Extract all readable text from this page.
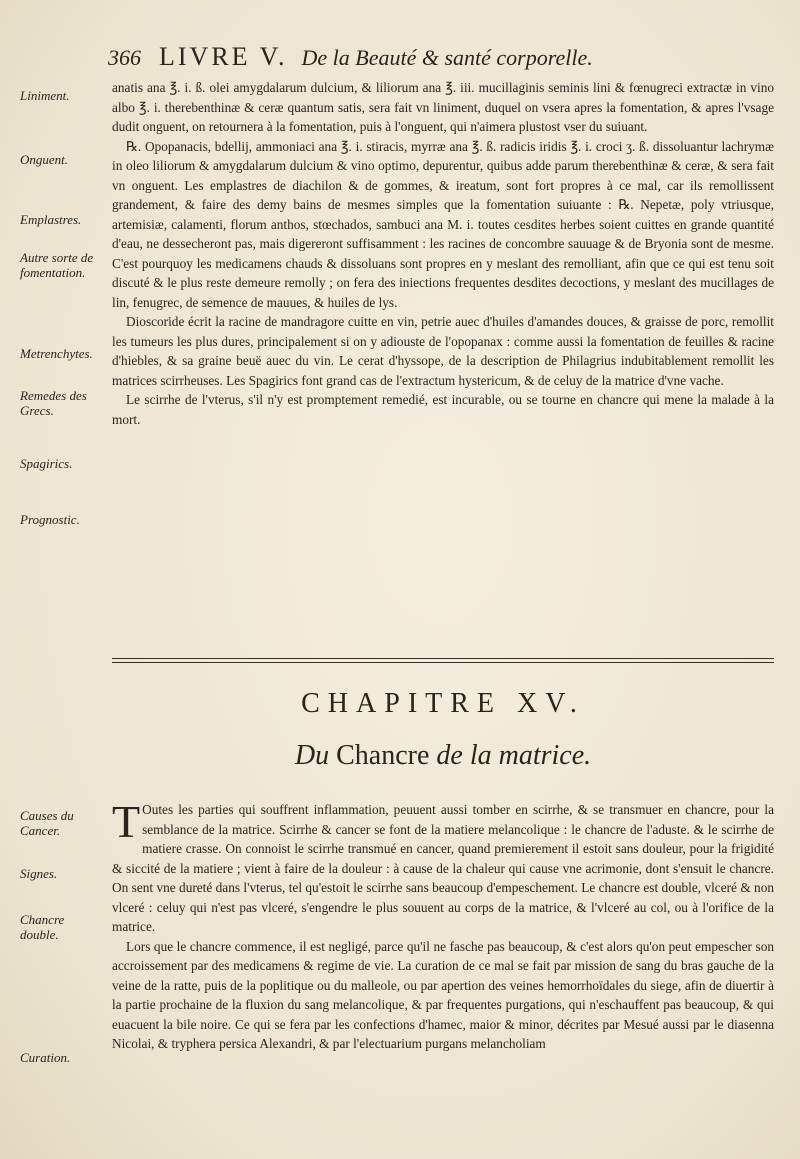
366 LIVRE V. De la Beauté & santé corporelle.
Liniment.
Onguent.
Emplastres.
Autre sorte de fomentation.
Metrenchytes.
Remedes des Grecs.
Spagirics.
Prognostic.
Causes du Cancer.
Signes.
Chancre double.
Curation.

anatis ana ℥. i. ß. olei amygdalarum dulcium, & liliorum ana ℥. iii. mucillaginis seminis lini & fœnugreci extractæ in vino albo ℥. i. therebenthinæ & ceræ quantum satis, sera fait vn liniment, duquel on vsera apres la fomentation, & apres l'vsage dudit onguent, on retournera à la fomentation, puis à l'onguent, qui n'aimera plustost vser du suiuant.

℞. Opopanacis, bdellij, ammoniaci ana ℥. i. stiracis, myrræ ana ℥. ß. radicis iridis ℥. i. croci ʒ. ß. dissoluantur lachrymæ in oleo liliorum & amygdalarum dulcium & vino optimo, depurentur, quibus adde parum therebenthinæ & ceræ, & sera fait vn onguent. Les emplastres de diachilon & de gommes, & ireatum, sont fort propres à ce mal, car ils remollissent grandement, & faire des demy bains de mesmes simples que la fomentation suiuante : ℞. Nepetæ, poly vtriusque, artemisiæ, calamenti, florum anthos, stœchados, sambuci ana M. i. toutes cesdites herbes soient cuittes en grande quantité d'eau, ne dessecheront pas, mais digereront suffisamment : les racines de concombre sauuage & de Bryonia sont de mesme. C'est pourquoy les medicamens chauds & dissoluans sont propres en y meslant des remolliant, afin que ce qui est tenu soit discuté & le plus reste demeure remolly ; on fera des iniections frequentes desdites decoctions, y meslant des mucillages de lin, fenugrec, de semence de mauues, & huiles de lys.

Dioscoride écrit la racine de mandragore cuitte en vin, petrie auec d'huiles d'amandes douces, & graisse de porc, remollit les tumeurs les plus dures, principalement si on y adiouste de l'opopanax : comme aussi la fomentation de feuilles & racine d'hiebles, & sa graine beuë auec du vin. Le cerat d'hyssope, de la description de Philagrius indubitablement remollit les matrices scirrheuses. Les Spagirics font grand cas de l'extractum hystericum, & de celuy de la matrice d'vne vache.

Le scirrhe de l'vterus, s'il n'y est promptement remedié, est incurable, ou se tourne en chancre qui mene la malade à la mort.

CHAPITRE XV.
Du Chancre de la matrice.

T Outes les parties qui souffrent inflammation, peuuent aussi tomber en scirrhe, & se transmuer en chancre, pour la semblance de la matrice. Scirrhe & cancer se font de la matiere melancolique : le chancre de l'aduste. & le scirrhe de matiere crasse. On connoist le scirrhe transmué en cancer, quand premierement il estoit sans douleur, pour la frigidité & siccité de la matiere ; vient à faire de la douleur : à cause de la chaleur qui cause vne acrimonie, dont s'ensuit le chancre. On sent vne dureté dans l'vterus, tel qu'estoit le scirrhe sans beaucoup d'empeschement. Le chancre est double, vlceré & non vlceré : celuy qui n'est pas vlceré, s'engendre le plus souuent au corps de la matrice, & l'vlceré au col, ou à l'orifice de la matrice.

Lors que le chancre commence, il est negligé, parce qu'il ne fasche pas beaucoup, & c'est alors qu'on peut empescher son accroissement par des medicamens & regime de vie. La curation de ce mal se fait par mission de sang du bras gauche de la veine de la ratte, puis de la poplitique ou du malleole, ou par apertion des veines hemorrhoïdales du siege, afin de diuertir à la partie prochaine de la fluxion du sang melancolique, & par frequentes purgations, qui n'eschauffent pas beaucoup, & qui euacuent la bile noire. Ce qui se fera par les confections d'hamec, maior & minor, décrites par Mesué aussi par le diasenna Nicolai, & tryphera persica Alexandri, & par l'electuarium purgans melancholiam
